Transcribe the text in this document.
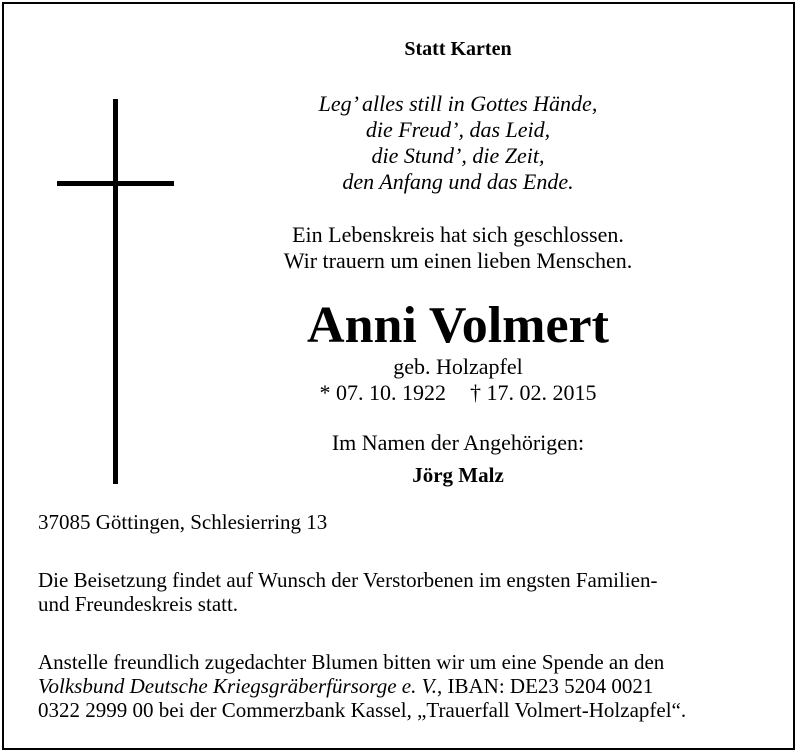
Statt Karten
Leg’ alles still in Gottes Hände,
die Freud’, das Leid,
die Stund’, die Zeit,
den Anfang und das Ende.
Ein Lebenskreis hat sich geschlossen.
Wir trauern um einen lieben Menschen.
Anni Volmert
geb. Holzapfel
* 07. 10. 1922 † 17. 02. 2015
Im Namen der Angehörigen:
Jörg Malz
37085 Göttingen, Schlesierring 13
Die Beisetzung findet auf Wunsch der Verstorbenen im engsten Familien-
und Freundeskreis statt.
Anstelle freundlich zugedachter Blumen bitten wir um eine Spende an den
Volksbund Deutsche Kriegsgräberfürsorge e. V., IBAN: DE23 5204 0021
0322 2999 00 bei der Commerzbank Kassel, „Trauerfall Volmert-Holzapfel“.
